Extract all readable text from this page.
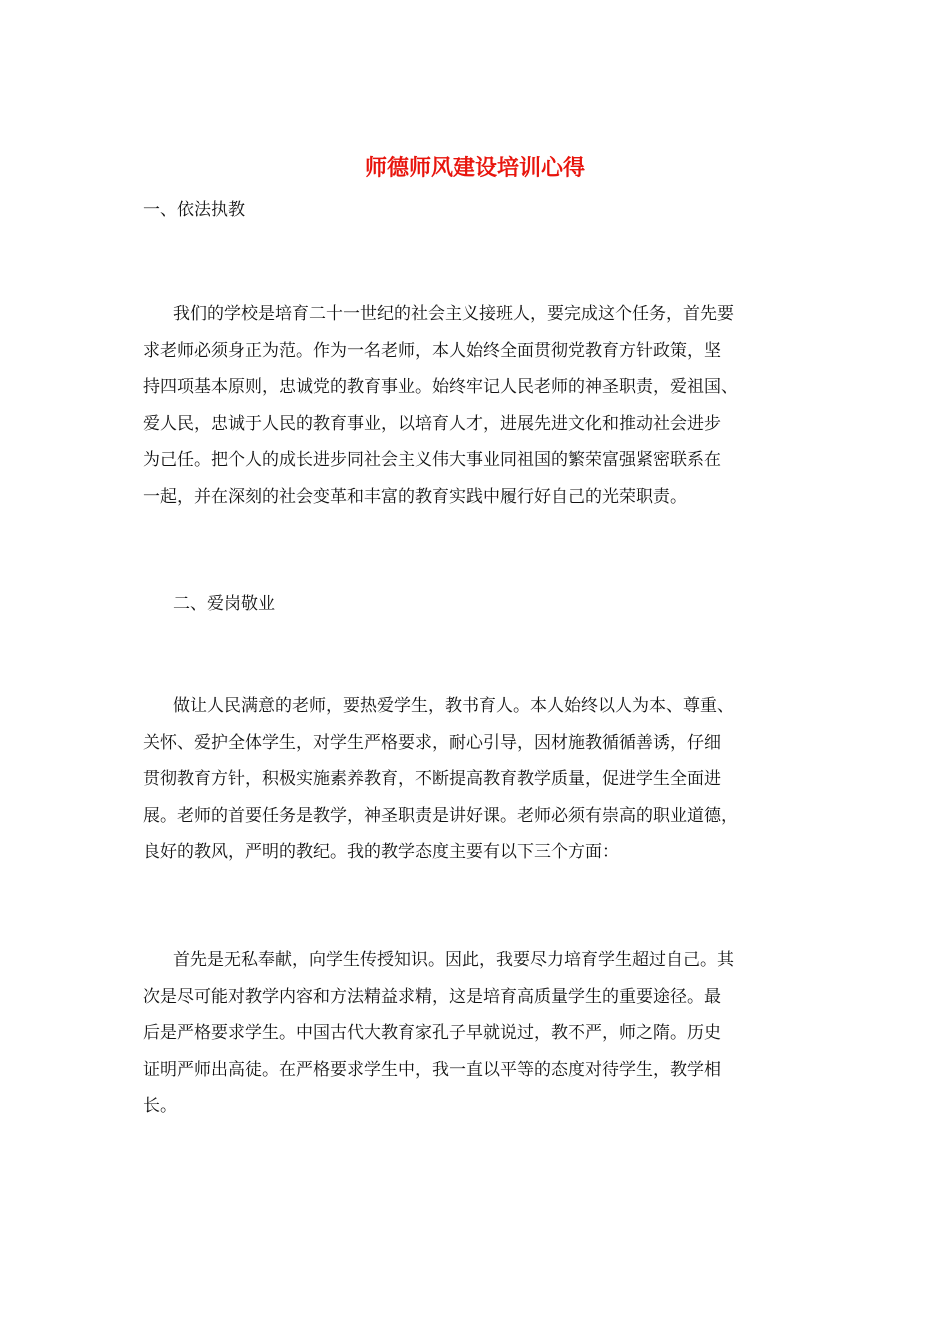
师德师风建设培训心得

一、依法执教

我们的学校是培育二十一世纪的社会主义接班人，要完成这个任务，首先要
求老师必须身正为范。作为一名老师，本人始终全面贯彻党教育方针政策，坚
持四项基本原则，忠诚党的教育事业。始终牢记人民老师的神圣职责，爱祖国、
爱人民，忠诚于人民的教育事业，以培育人才，进展先进文化和推动社会进步
为己任。把个人的成长进步同社会主义伟大事业同祖国的繁荣富强紧密联系在
一起，并在深刻的社会变革和丰富的教育实践中履行好自己的光荣职责。

二、爱岗敬业

做让人民满意的老师，要热爱学生，教书育人。本人始终以人为本、尊重、
关怀、爱护全体学生，对学生严格要求，耐心引导，因材施教循循善诱，仔细
贯彻教育方针，积极实施素养教育，不断提高教育教学质量，促进学生全面进
展。老师的首要任务是教学，神圣职责是讲好课。老师必须有崇高的职业道德，
良好的教风，严明的教纪。我的教学态度主要有以下三个方面：
首先是无私奉献，向学生传授知识。因此，我要尽力培育学生超过自己。其
次是尽可能对教学内容和方法精益求精，这是培育高质量学生的重要途径。最
后是严格要求学生。中国古代大教育家孔子早就说过，教不严，师之隋。历史
证明严师出高徒。在严格要求学生中，我一直以平等的态度对待学生，教学相
长。
